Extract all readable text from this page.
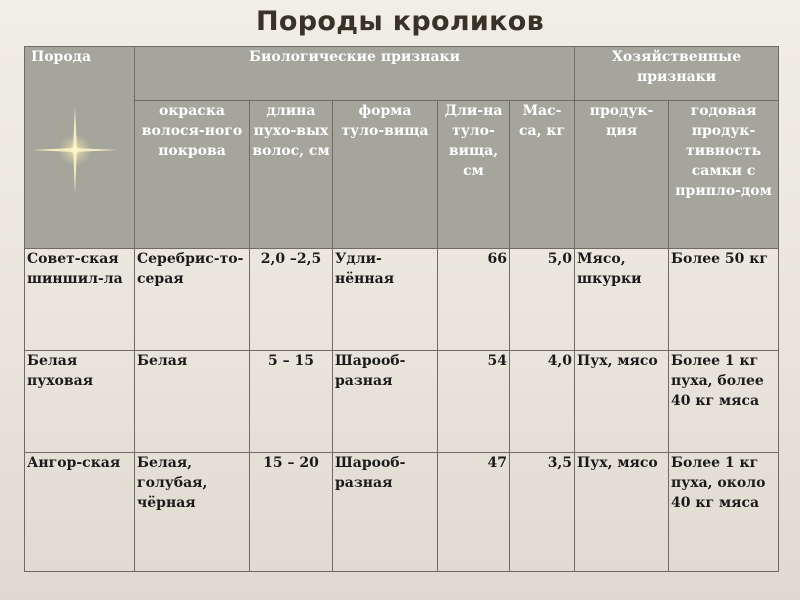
Породы кроликов
Порода	Биологические признаки					Хозяйственные признаки	
	окраска волося-ного покрова	длина пухо-вых волос, см	форма туло-вища	Дли-на туло-вища, см	Мас-са, кг	продук-ция	годовая продук-тивность самки с припло-дом
Совет-ская шиншил-ла	Серебрис-то-серая	2,0 –2,5	Удли-нённая	66	5,0	Мясо, шкурки	Более 50 кг
Белая пуховая	Белая	5 – 15	Шарооб-разная	54	4,0	Пух, мясо	Более 1 кг пуха, более 40 кг мяса
Ангор-ская	Белая, голубая, чёрная	15 – 20	Шарооб-разная	47	3,5	Пух, мясо	Более 1 кг пуха, около 40 кг мяса
